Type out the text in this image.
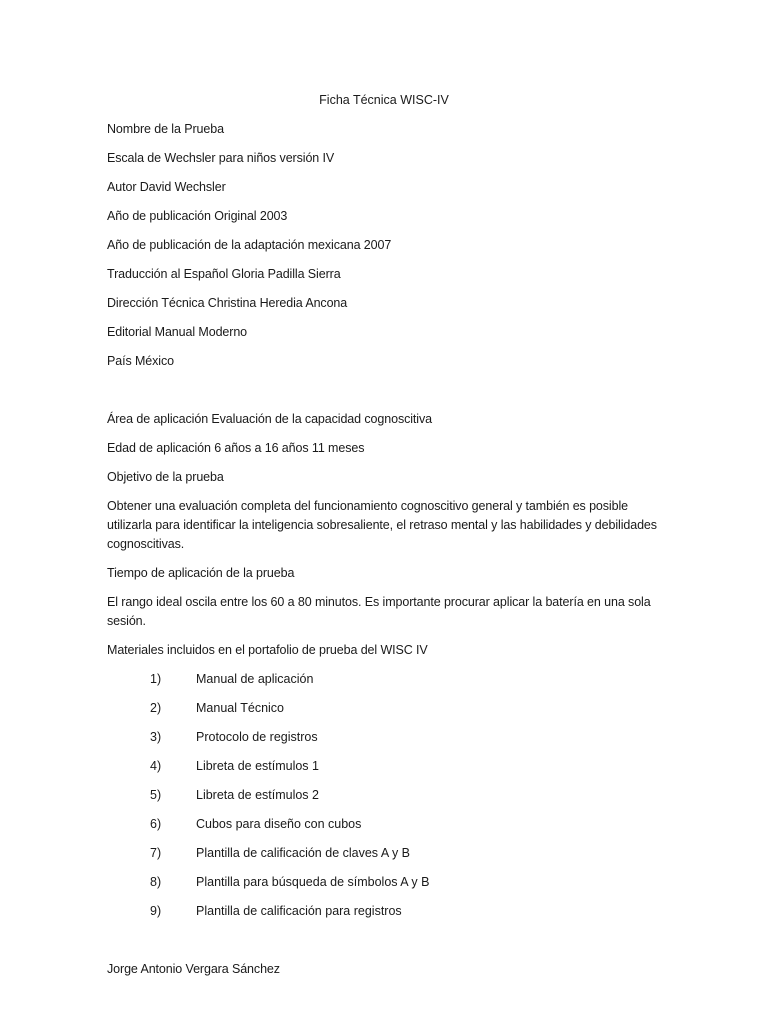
Ficha Técnica WISC-IV
Nombre de la Prueba
Escala de Wechsler para niños versión IV
Autor David Wechsler
Año de publicación Original 2003
Año de publicación de la adaptación mexicana 2007
Traducción al Español Gloria Padilla Sierra
Dirección Técnica Christina Heredia Ancona
Editorial Manual Moderno
País México
Área de aplicación Evaluación de la capacidad cognoscitiva
Edad de aplicación 6 años a 16 años 11 meses
Objetivo de la prueba
Obtener una evaluación completa del funcionamiento cognoscitivo general y también es posible utilizarla para identificar la inteligencia sobresaliente, el retraso mental y las habilidades y debilidades cognoscitivas.
Tiempo de aplicación de la prueba
El rango ideal oscila entre los 60 a 80 minutos. Es importante procurar aplicar la batería en una sola sesión.
Materiales incluidos en el portafolio de prueba del WISC IV
1)	Manual de aplicación
2)	Manual Técnico
3)	Protocolo de registros
4)	Libreta de estímulos 1
5)	Libreta de estímulos 2
6)	Cubos para diseño con cubos
7)	Plantilla de calificación de claves A y B
8)	Plantilla para búsqueda de símbolos A y B
9)	Plantilla de calificación para registros
Jorge Antonio Vergara Sánchez
